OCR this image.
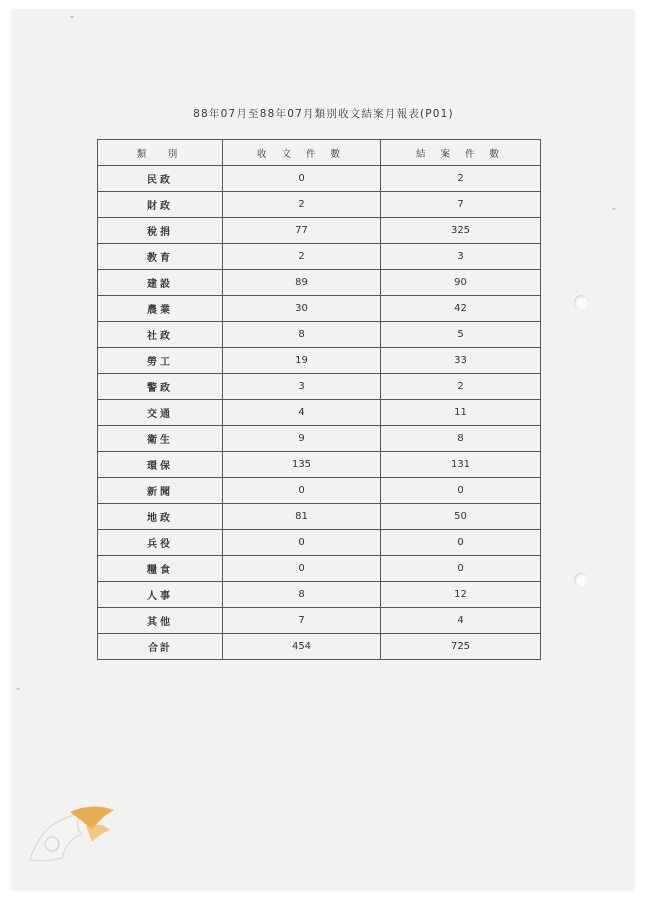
88年07月至88年07月類別收文結案月報表(P01)
類　別	收 文 件 數	結 案 件 數
民政	0	2
財政	2	7
稅捐	77	325
教育	2	3
建設	89	90
農業	30	42
社政	8	5
勞工	19	33
警政	3	2
交通	4	11
衛生	9	8
環保	135	131
新聞	0	0
地政	81	50
兵役	0	0
糧食	0	0
人事	8	12
其他	7	4
合計	454	725
